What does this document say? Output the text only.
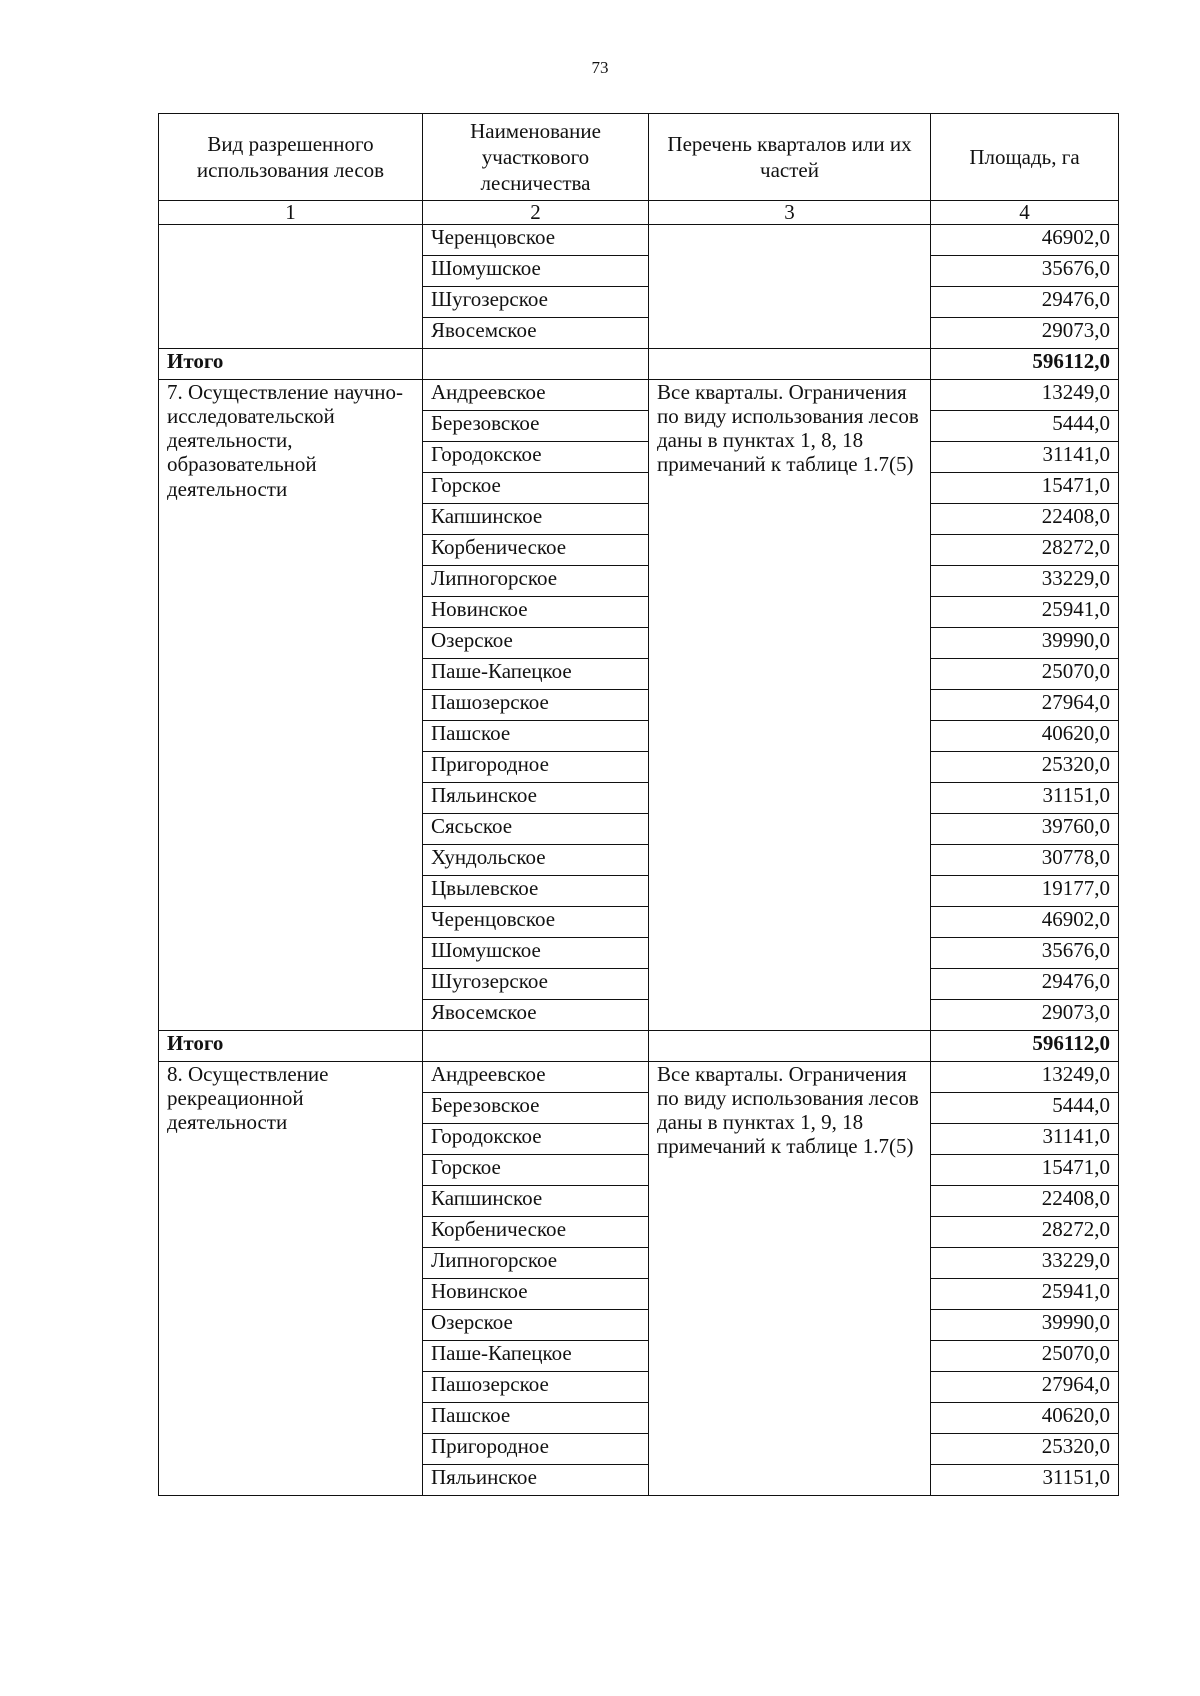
73
Вид разрешенного использования лесов	Наименование участкового лесничества	Перечень кварталов или их частей	Площадь, га
1	2	3	4
	Черенцовское		46902,0
	Шомушское		35676,0
	Шугозерское		29476,0
	Явосемское		29073,0
Итого			596112,0
7. Осуществление научно-исследовательской деятельности, образовательной деятельности	Андреевское	Все кварталы. Ограничения по виду использования лесов даны в пунктах 1, 8, 18 примечаний к таблице 1.7(5)	13249,0
	Березовское		5444,0
	Городокское		31141,0
	Горское		15471,0
	Капшинское		22408,0
	Корбеническое		28272,0
	Липногорское		33229,0
	Новинское		25941,0
	Озерское		39990,0
	Паше-Капецкое		25070,0
	Пашозерское		27964,0
	Пашское		40620,0
	Пригородное		25320,0
	Пяльинское		31151,0
	Сясьское		39760,0
	Хундольское		30778,0
	Цвылевское		19177,0
	Черенцовское		46902,0
	Шомушское		35676,0
	Шугозерское		29476,0
	Явосемское		29073,0
Итого			596112,0
8. Осуществление рекреационной деятельности	Андреевское	Все кварталы. Ограничения по виду использования лесов даны в пунктах 1, 9, 18 примечаний к таблице 1.7(5)	13249,0
	Березовское		5444,0
	Городокское		31141,0
	Горское		15471,0
	Капшинское		22408,0
	Корбеническое		28272,0
	Липногорское		33229,0
	Новинское		25941,0
	Озерское		39990,0
	Паше-Капецкое		25070,0
	Пашозерское		27964,0
	Пашское		40620,0
	Пригородное		25320,0
	Пяльинское		31151,0
